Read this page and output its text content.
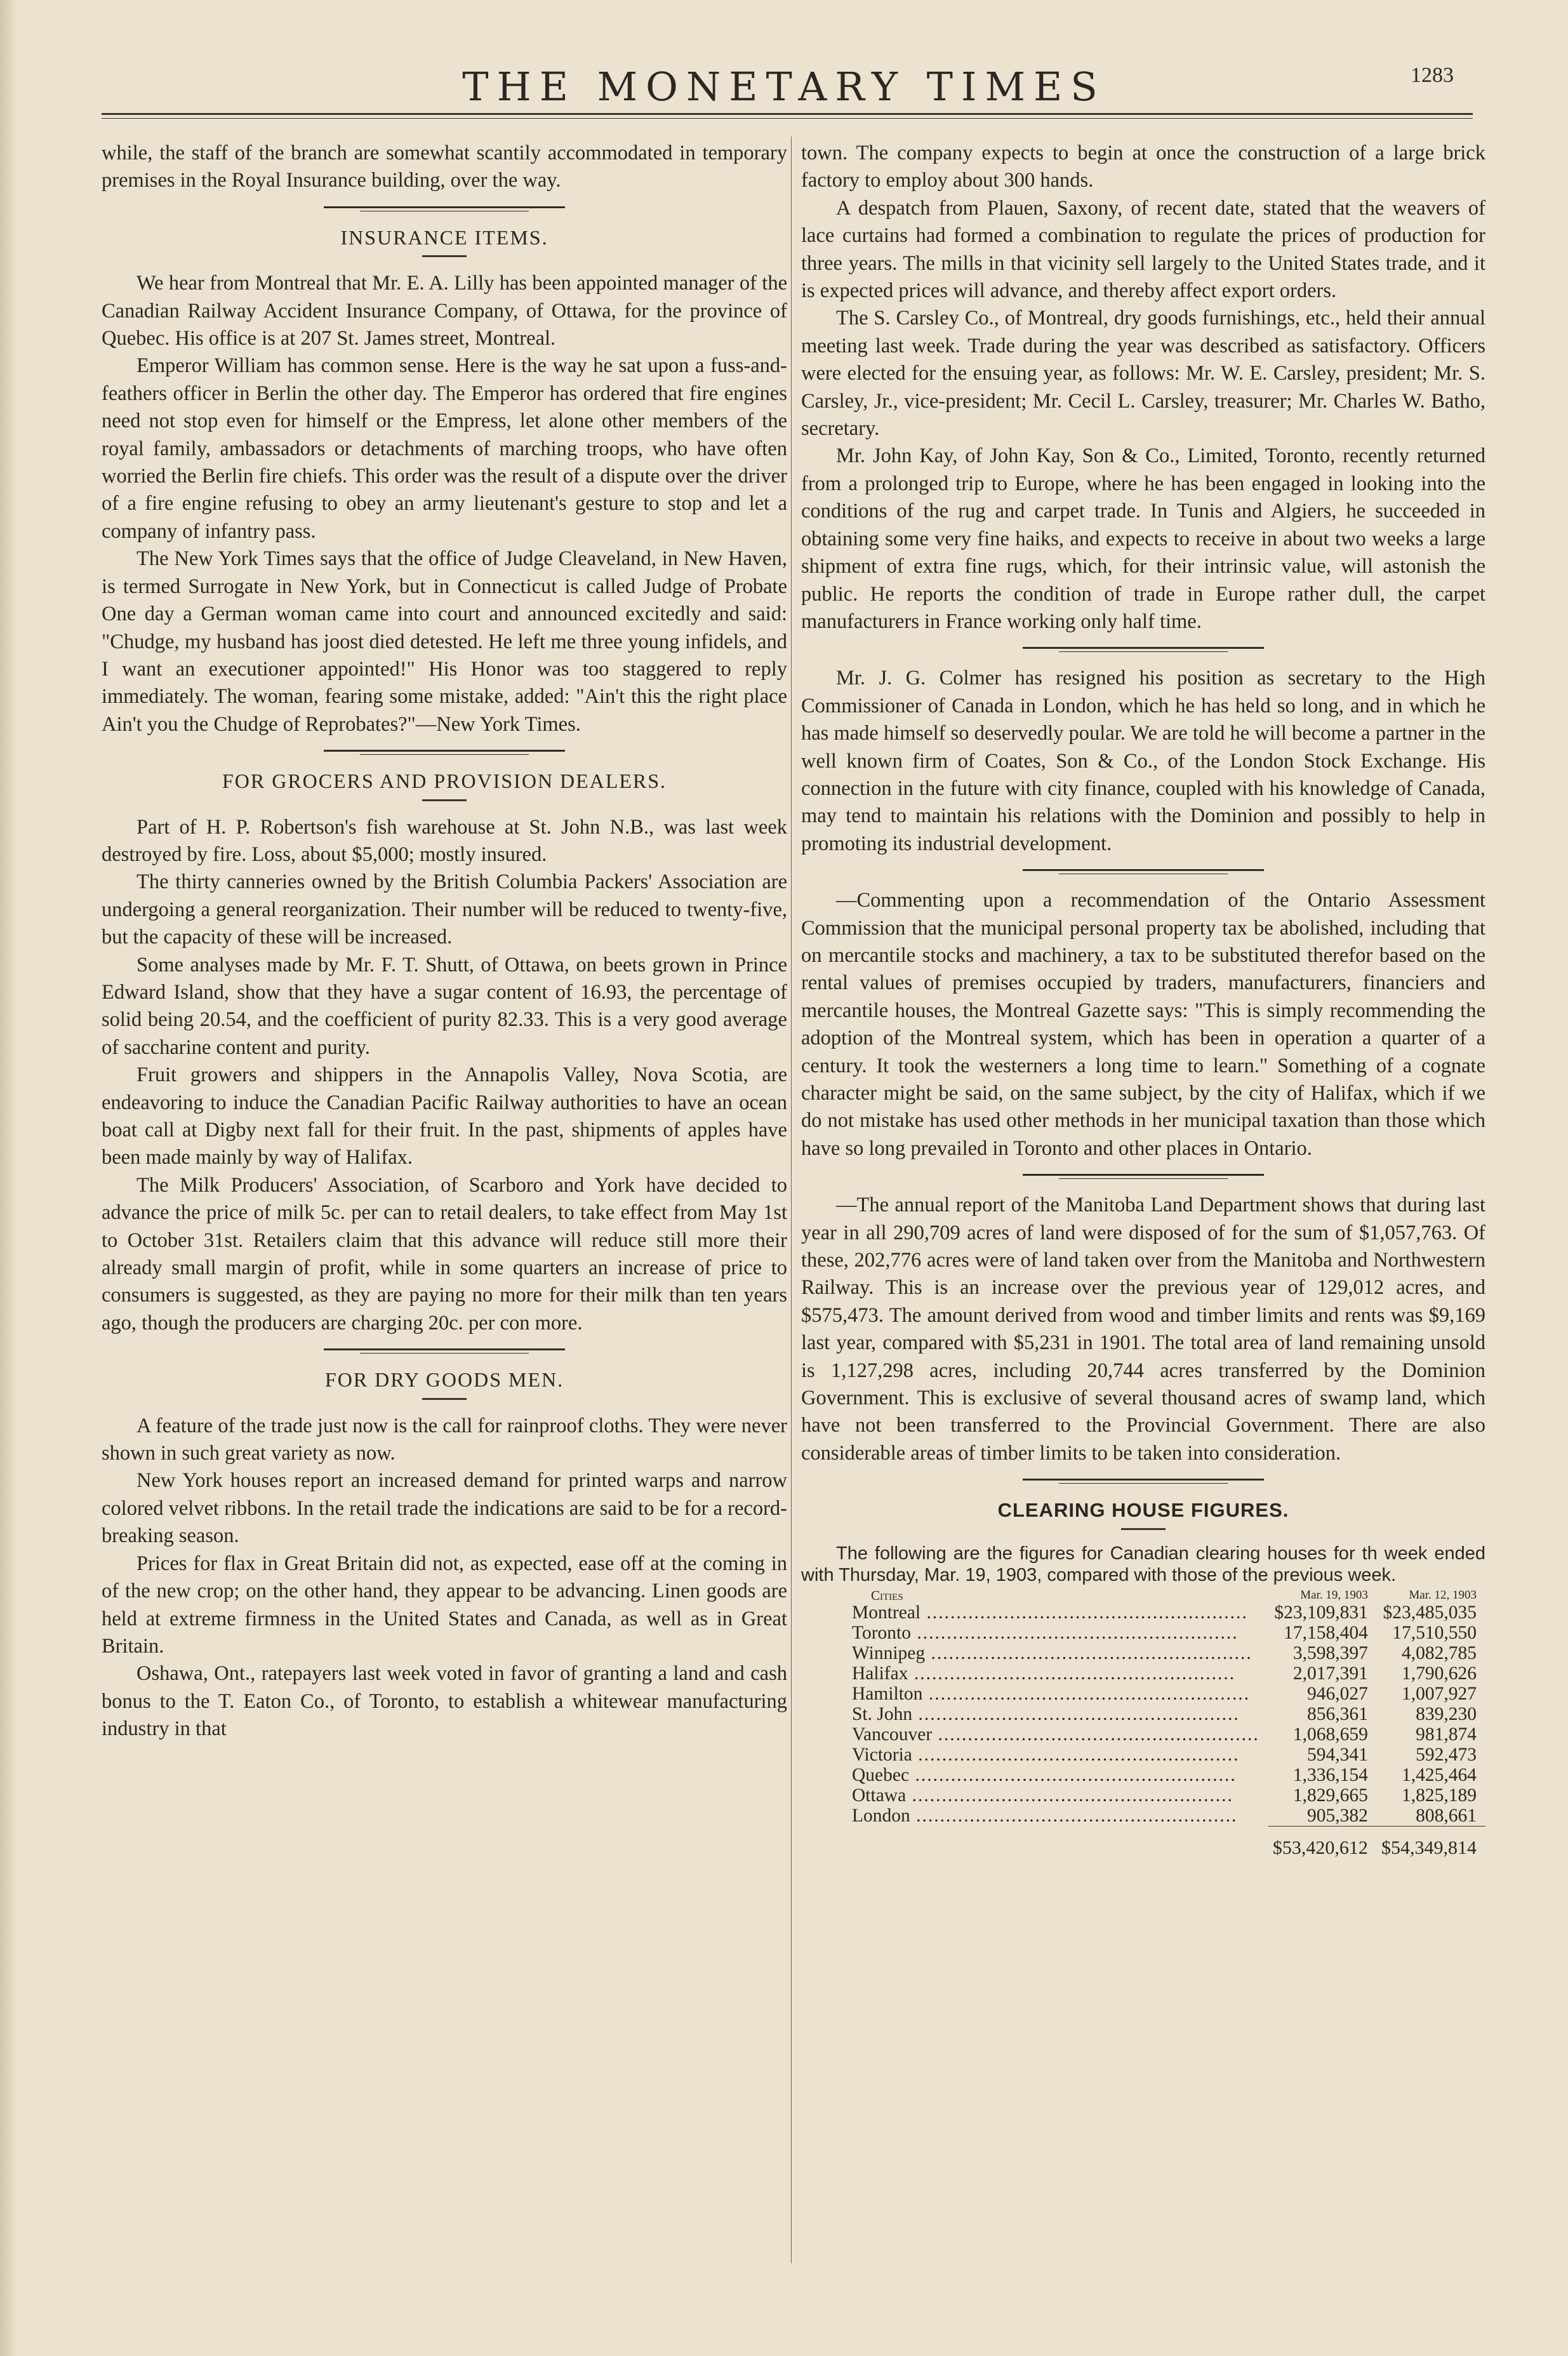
THE MONETARY TIMES	1283

while, the staff of the branch are somewhat scantily accommodated in temporary premises in the Royal Insurance building, over the way.

INSURANCE ITEMS.

We hear from Montreal that Mr. E. A. Lilly has been appointed manager of the Canadian Railway Accident Insurance Company, of Ottawa, for the province of Quebec. His office is at 207 St. James street, Montreal.

Emperor William has common sense. Here is the way he sat upon a fuss-and-feathers officer in Berlin the other day. The Emperor has ordered that fire engines need not stop even for himself or the Empress, let alone other members of the royal family, ambassadors or detachments of marching troops, who have often worried the Berlin fire chiefs. This order was the result of a dispute over the driver of a fire engine refusing to obey an army lieutenant's gesture to stop and let a company of infantry pass.

The New York Times says that the office of Judge Cleaveland, in New Haven, is termed Surrogate in New York, but in Connecticut is called Judge of Probate One day a German woman came into court and announced excitedly and said: "Chudge, my husband has joost died detested. He left me three young infidels, and I want an executioner appointed!" His Honor was too staggered to reply immediately. The woman, fearing some mistake, added: "Ain't this the right place Ain't you the Chudge of Reprobates?"—New York Times.

FOR GROCERS AND PROVISION DEALERS.

Part of H. P. Robertson's fish warehouse at St. John N.B., was last week destroyed by fire. Loss, about $5,000; mostly insured.

The thirty canneries owned by the British Columbia Packers' Association are undergoing a general reorganization. Their number will be reduced to twenty-five, but the capacity of these will be increased.

Some analyses made by Mr. F. T. Shutt, of Ottawa, on beets grown in Prince Edward Island, show that they have a sugar content of 16.93, the percentage of solid being 20.54, and the coefficient of purity 82.33. This is a very good average of saccharine content and purity.

Fruit growers and shippers in the Annapolis Valley, Nova Scotia, are endeavoring to induce the Canadian Pacific Railway authorities to have an ocean boat call at Digby next fall for their fruit. In the past, shipments of apples have been made mainly by way of Halifax.

The Milk Producers' Association, of Scarboro and York have decided to advance the price of milk 5c. per can to retail dealers, to take effect from May 1st to October 31st. Retailers claim that this advance will reduce still more their already small margin of profit, while in some quarters an increase of price to consumers is suggested, as they are paying no more for their milk than ten years ago, though the producers are charging 20c. per con more.

FOR DRY GOODS MEN.

A feature of the trade just now is the call for rainproof cloths. They were never shown in such great variety as now.

New York houses report an increased demand for printed warps and narrow colored velvet ribbons. In the retail trade the indications are said to be for a record-breaking season.

Prices for flax in Great Britain did not, as expected, ease off at the coming in of the new crop; on the other hand, they appear to be advancing. Linen goods are held at extreme firmness in the United States and Canada, as well as in Great Britain.

Oshawa, Ont., ratepayers last week voted in favor of granting a land and cash bonus to the T. Eaton Co., of Toronto, to establish a whitewear manufacturing industry in that

town. The company expects to begin at once the construction of a large brick factory to employ about 300 hands.

A despatch from Plauen, Saxony, of recent date, stated that the weavers of lace curtains had formed a combination to regulate the prices of production for three years. The mills in that vicinity sell largely to the United States trade, and it is expected prices will advance, and thereby affect export orders.

The S. Carsley Co., of Montreal, dry goods furnishings, etc., held their annual meeting last week. Trade during the year was described as satisfactory. Officers were elected for the ensuing year, as follows: Mr. W. E. Carsley, president; Mr. S. Carsley, Jr., vice-president; Mr. Cecil L. Carsley, treasurer; Mr. Charles W. Batho, secretary.

Mr. John Kay, of John Kay, Son & Co., Limited, Toronto, recently returned from a prolonged trip to Europe, where he has been engaged in looking into the conditions of the rug and carpet trade. In Tunis and Algiers, he succeeded in obtaining some very fine haiks, and expects to receive in about two weeks a large shipment of extra fine rugs, which, for their intrinsic value, will astonish the public. He reports the condition of trade in Europe rather dull, the carpet manufacturers in France working only half time.

Mr. J. G. Colmer has resigned his position as secretary to the High Commissioner of Canada in London, which he has held so long, and in which he has made himself so deservedly poular. We are told he will become a partner in the well known firm of Coates, Son & Co., of the London Stock Exchange. His connection in the future with city finance, coupled with his knowledge of Canada, may tend to maintain his relations with the Dominion and possibly to help in promoting its industrial development.

—Commenting upon a recommendation of the Ontario Assessment Commission that the municipal personal property tax be abolished, including that on mercantile stocks and machinery, a tax to be substituted therefor based on the rental values of premises occupied by traders, manufacturers, financiers and mercantile houses, the Montreal Gazette says: "This is simply recommending the adoption of the Montreal system, which has been in operation a quarter of a century. It took the westerners a long time to learn." Something of a cognate character might be said, on the same subject, by the city of Halifax, which if we do not mistake has used other methods in her municipal taxation than those which have so long prevailed in Toronto and other places in Ontario.

—The annual report of the Manitoba Land Department shows that during last year in all 290,709 acres of land were disposed of for the sum of $1,057,763. Of these, 202,776 acres were of land taken over from the Manitoba and Northwestern Railway. This is an increase over the previous year of 129,012 acres, and $575,473. The amount derived from wood and timber limits and rents was $9,169 last year, compared with $5,231 in 1901. The total area of land remaining unsold is 1,127,298 acres, including 20,744 acres transferred by the Dominion Government. This is exclusive of several thousand acres of swamp land, which have not been transferred to the Provincial Government. There are also considerable areas of timber limits to be taken into consideration.

CLEARING HOUSE FIGURES.

The following are the figures for Canadian clearing houses for th week ended with Thursday, Mar. 19, 1903, compared with those of the previous week.

Cities	Mar. 19, 1903	Mar. 12, 1903
Montreal .....	$23,109,831	$23,485,035
Toronto .....	17,158,404	17,510,550
Winnipeg .....	3,598,397	4,082,785
Halifax .....	2,017,391	1,790,626
Hamilton .....	946,027	1,007,927
St. John .....	856,361	839,230
Vancouver .....	1,068,659	981,874
Victoria .....	594,341	592,473
Quebec .....	1,336,154	1,425,464
Ottawa .....	1,829,665	1,825,189
London .....	905,382	808,661
	$53,420,612	$54,349,814
